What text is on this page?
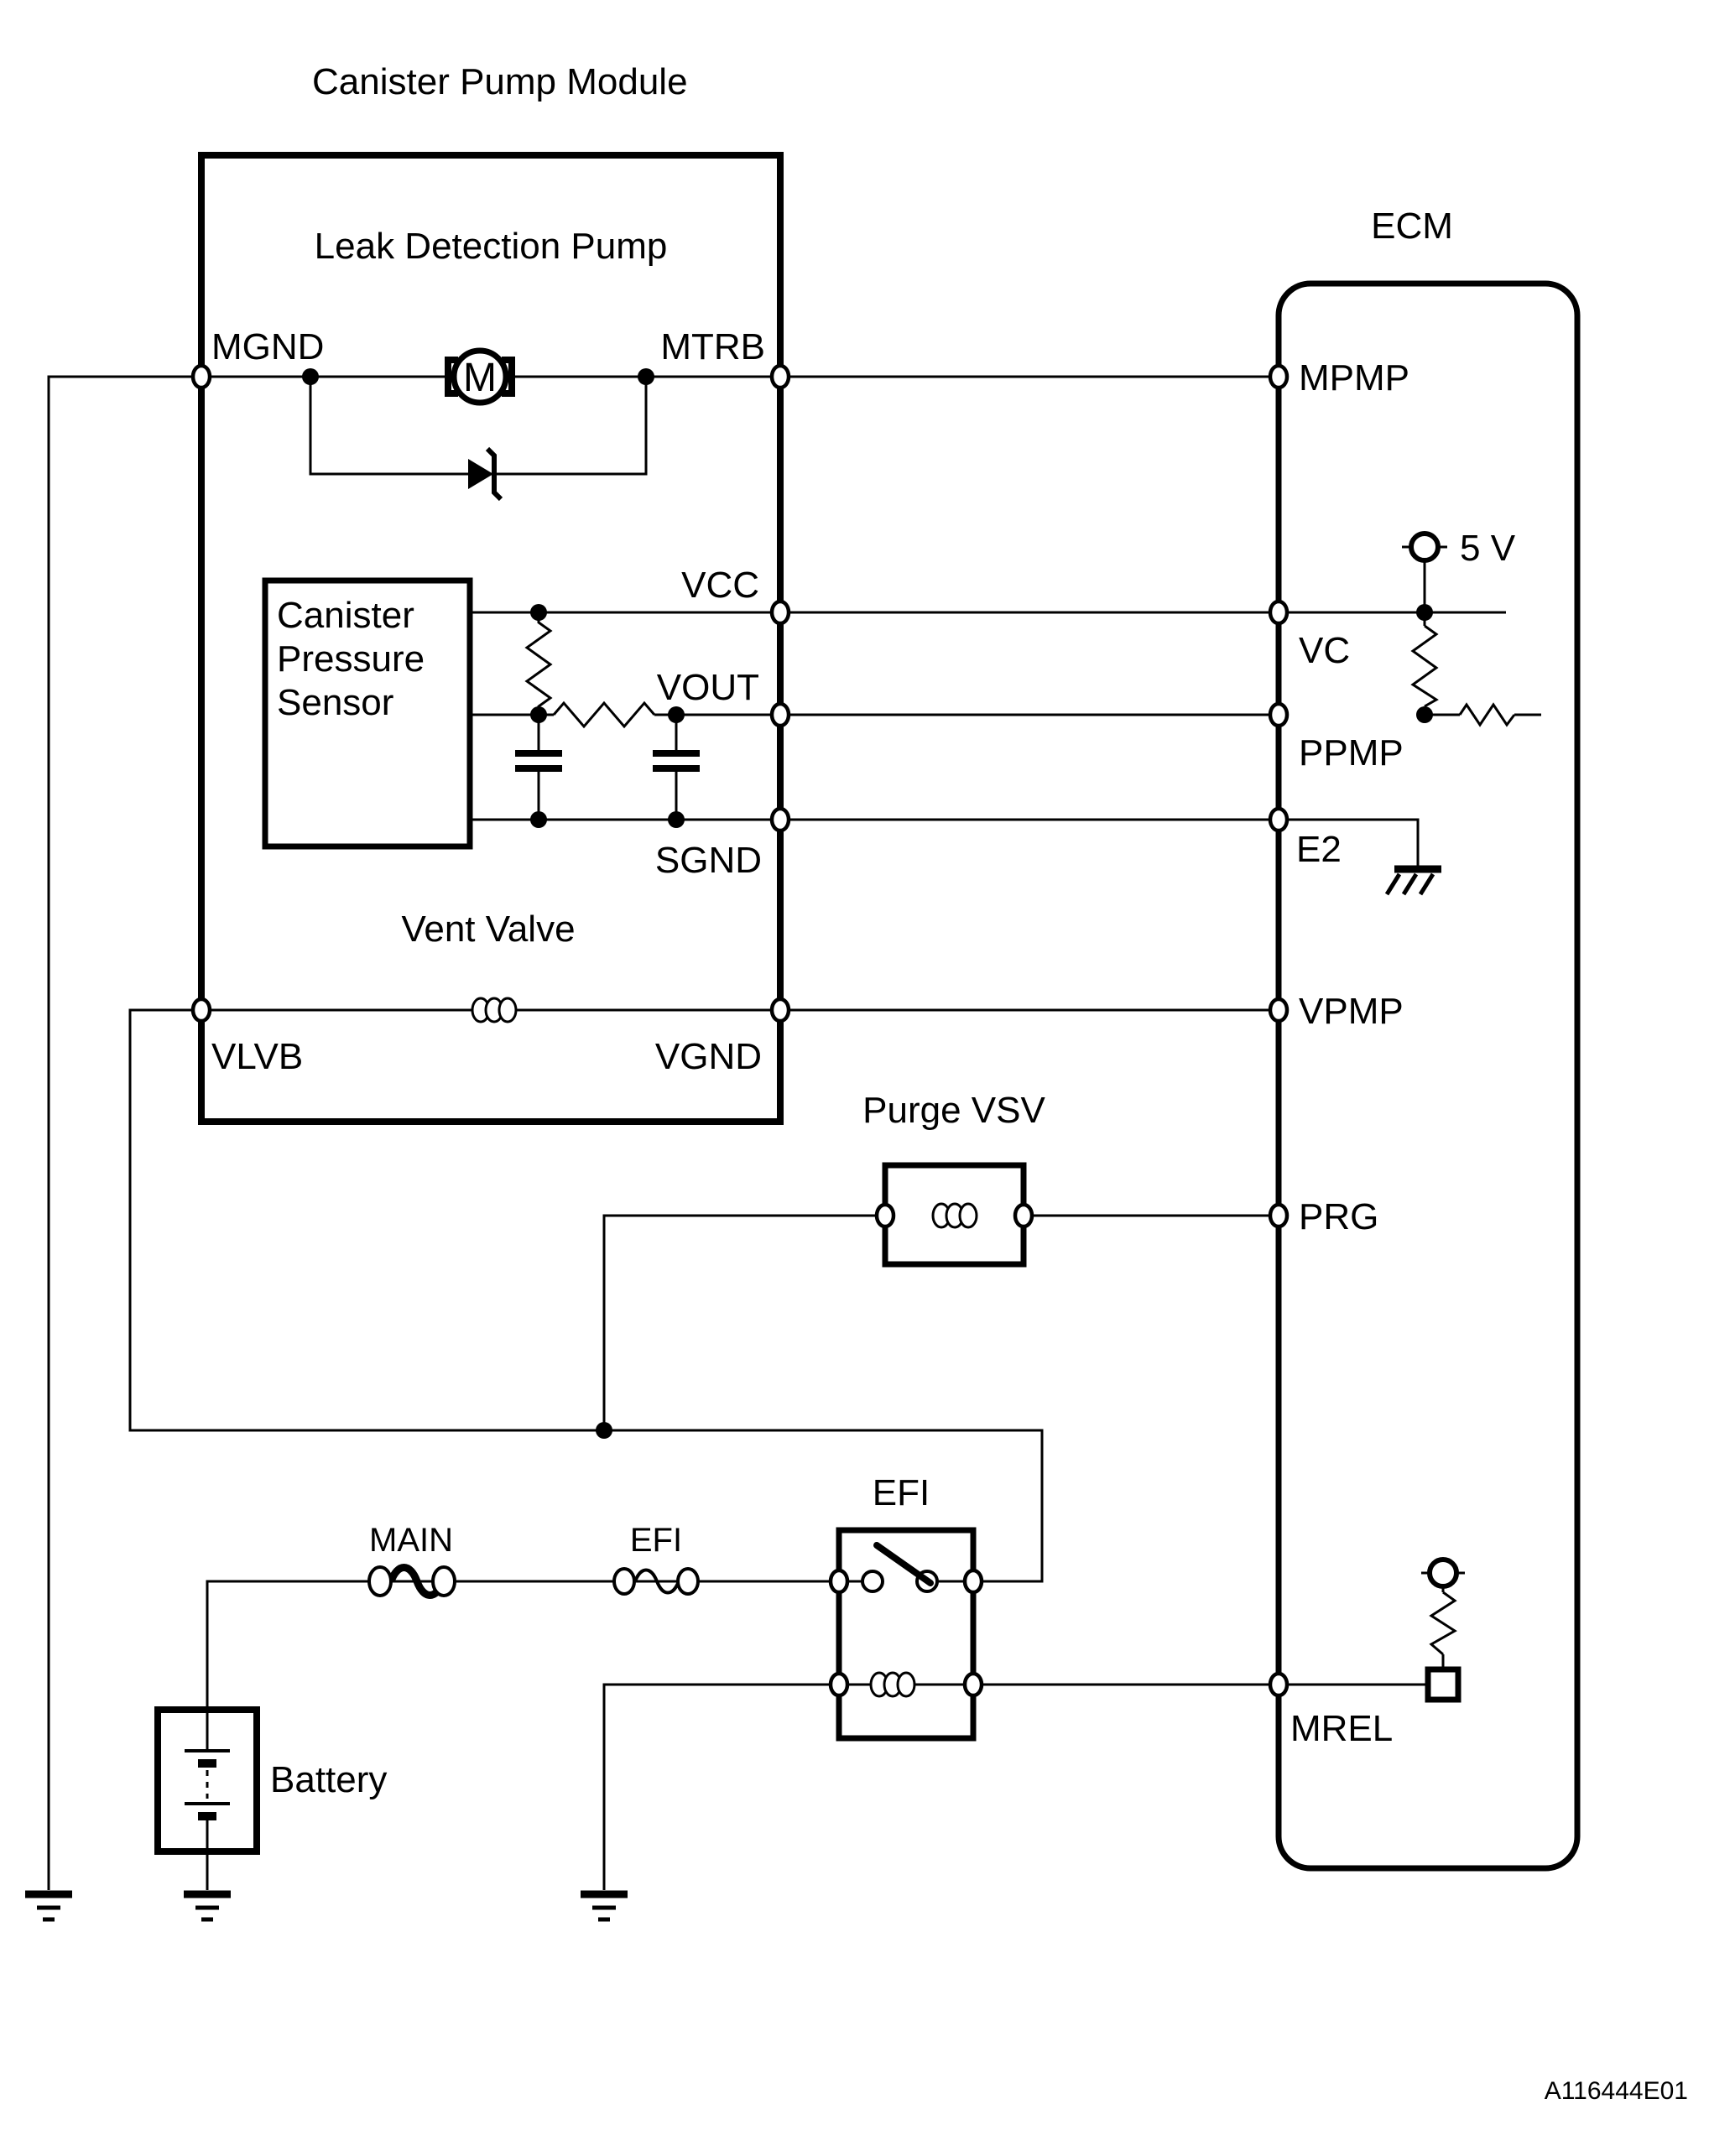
M
Canister Pump Module
Leak Detection Pump
MGND	MTRB
Canister
Pressure
Sensor
VCC
VOUT
SGND
Vent Valve
VLVB	VGND
ECM
MPMP
5 V
VC
PPMP
E2
VPMP
PRG
MREL
Purge VSV
EFI
MAIN	EFI
Battery
A116444E01
